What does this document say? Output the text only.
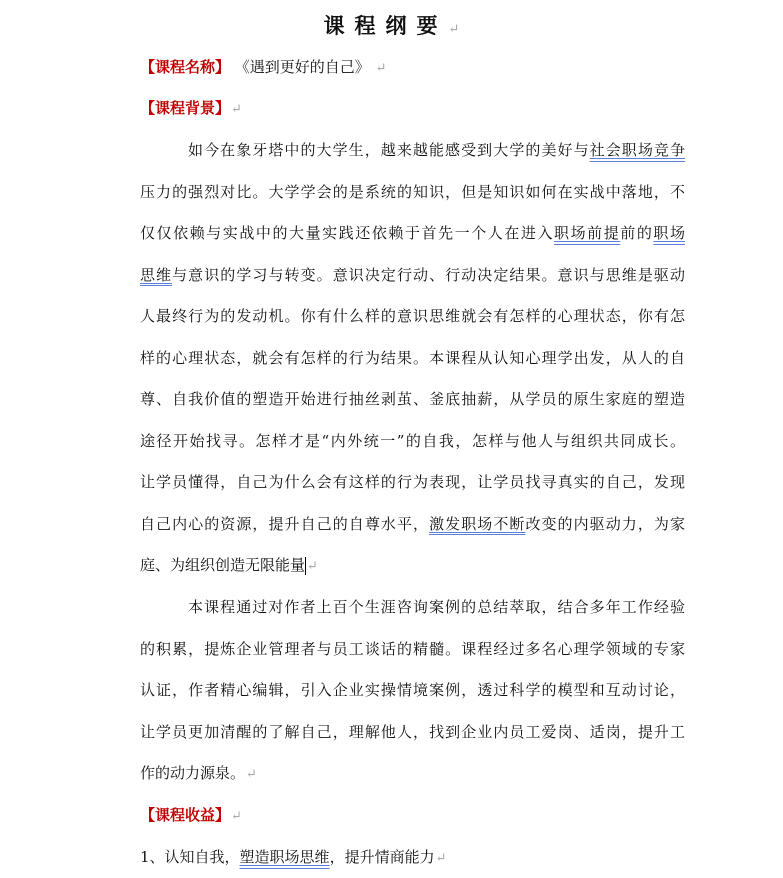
课程纲要↵
【课程名称】 《遇到更好的自己》 ↵
【课程背景】↵
如今在象牙塔中的大学生，越来越能感受到大学的美好与社会职场竞争
压力的强烈对比。大学学会的是系统的知识，但是知识如何在实战中落地，不
仅仅依赖与实战中的大量实践还依赖于首先一个人在进入职场前提前的职场
思维与意识的学习与转变。意识决定行动、行动决定结果。意识与思维是驱动
人最终行为的发动机。你有什么样的意识思维就会有怎样的心理状态，你有怎
样的心理状态，就会有怎样的行为结果。本课程从认知心理学出发，从人的自
尊、自我价值的塑造开始进行抽丝剥茧、釜底抽薪，从学员的原生家庭的塑造
途径开始找寻。怎样才是“内外统一”的自我，怎样与他人与组织共同成长。
让学员懂得，自己为什么会有这样的行为表现，让学员找寻真实的自己，发现
自己内心的资源，提升自己的自尊水平，激发职场不断改变的内驱动力，为家
庭、为组织创造无限能量 ↵
本课程通过对作者上百个生涯咨询案例的总结萃取，结合多年工作经验
的积累，提炼企业管理者与员工谈话的精髓。课程经过多名心理学领域的专家
认证，作者精心编辑，引入企业实操情境案例，透过科学的模型和互动讨论，
让学员更加清醒的了解自己，理解他人，找到企业内员工爱岗、适岗，提升工
作的动力源泉。↵
【课程收益】↵
1、认知自我，塑造职场思维，提升情商能力↵
